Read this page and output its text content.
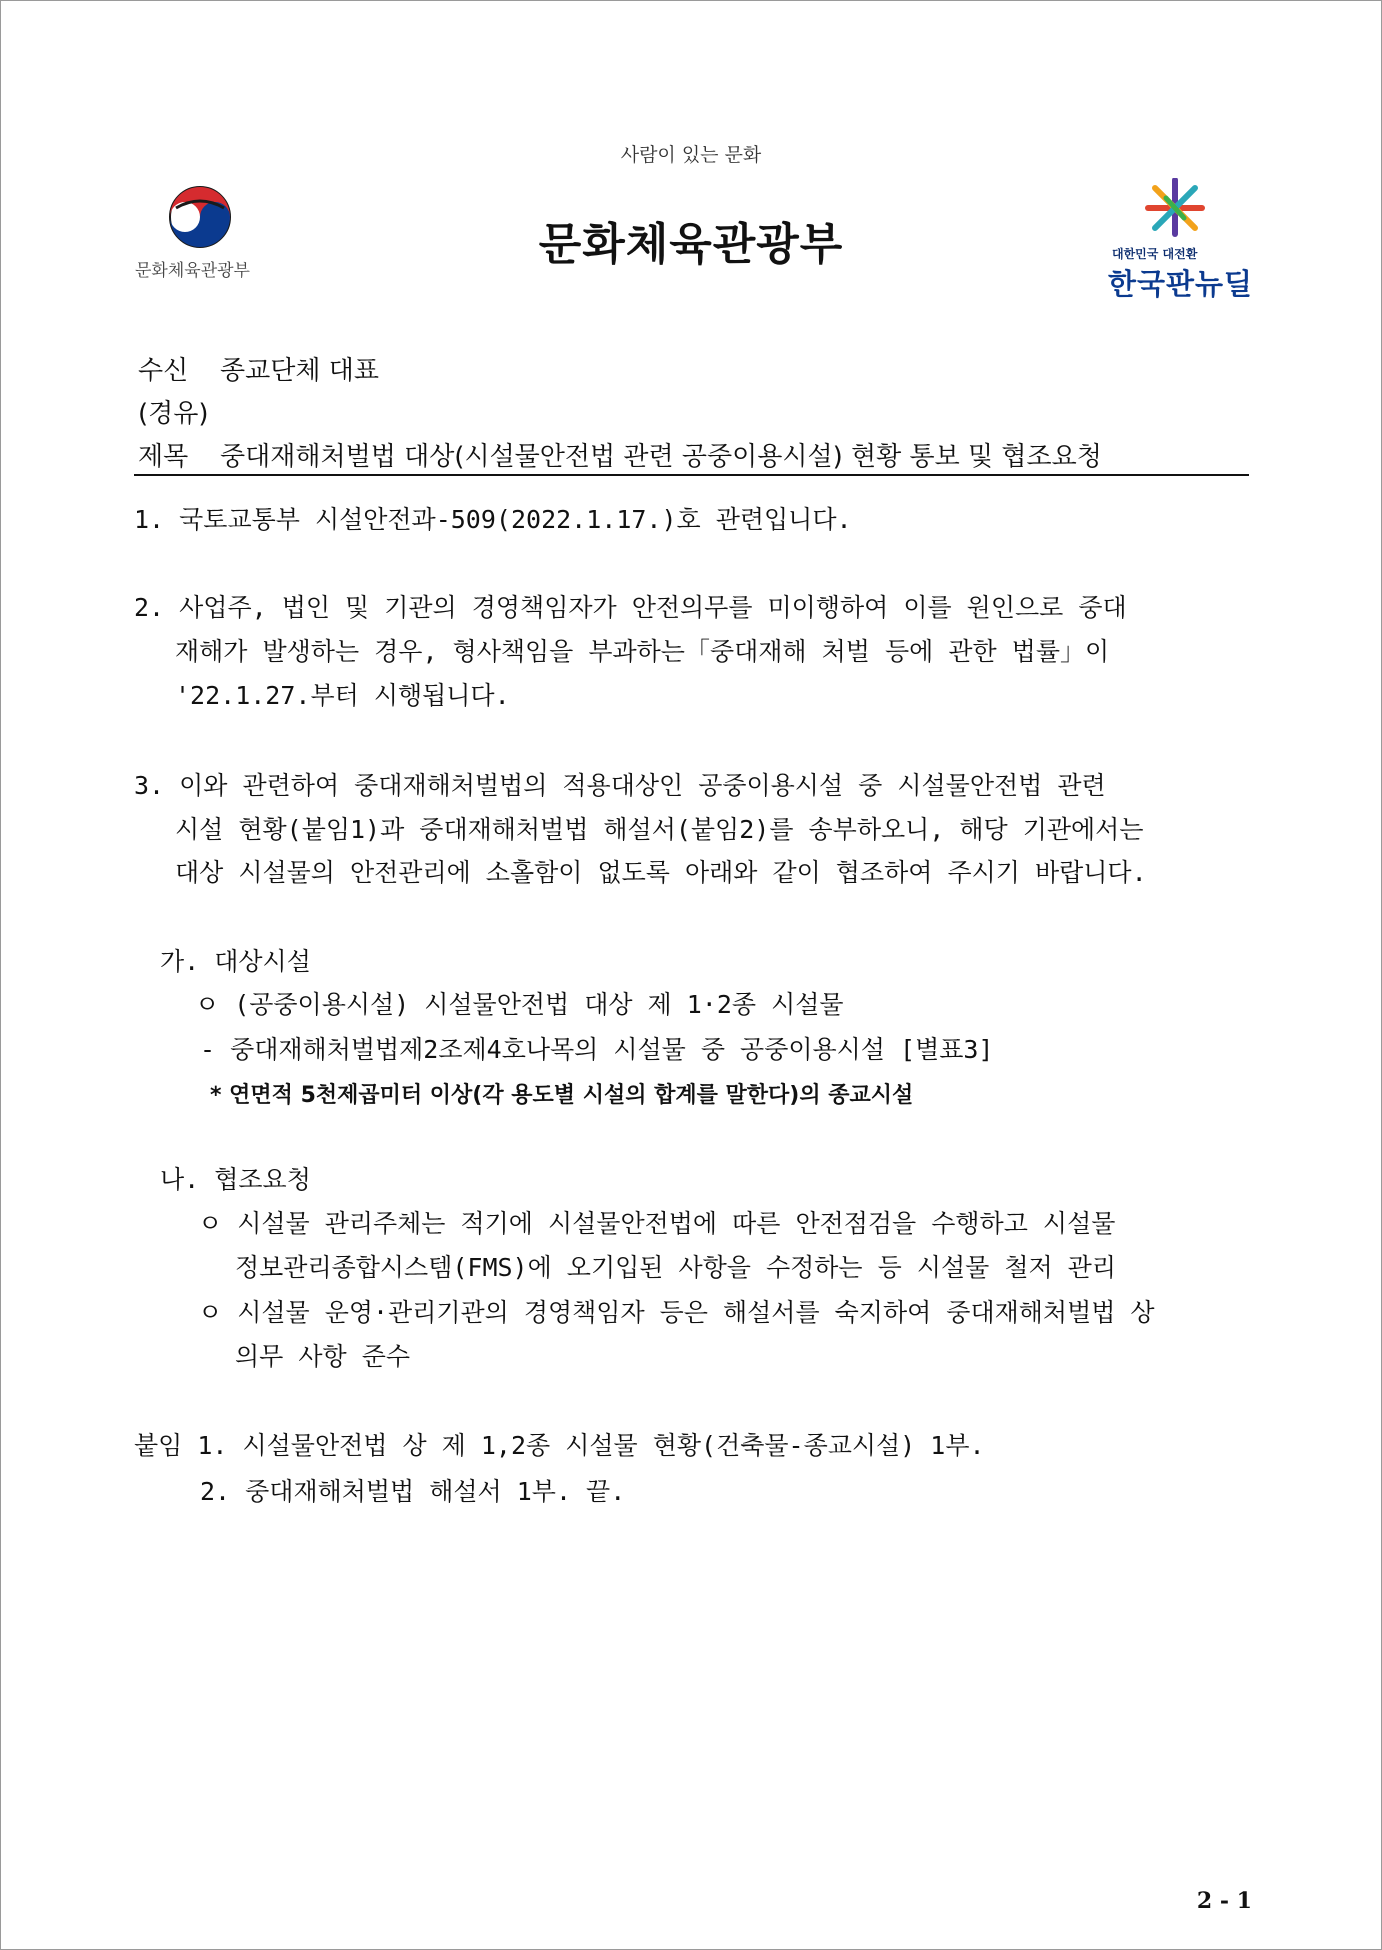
사람이 있는 문화
문화체육관광부
문화체육관광부	대한민국 대전환
한국판뉴딜
수신 종교단체 대표
(경유)
제목 중대재해처벌법 대상(시설물안전법 관련 공중이용시설) 현황 통보 및 협조요청
1. 국토교통부 시설안전과-509(2022.1.17.)호 관련입니다.
2. 사업주, 법인 및 기관의 경영책임자가 안전의무를 미이행하여 이를 원인으로 중대
재해가 발생하는 경우, 형사책임을 부과하는「중대재해 처벌 등에 관한 법률」이
'22.1.27.부터 시행됩니다.
3. 이와 관련하여 중대재해처벌법의 적용대상인 공중이용시설 중 시설물안전법 관련
시설 현황(붙임1)과 중대재해처벌법 해설서(붙임2)를 송부하오니, 해당 기관에서는
대상 시설물의 안전관리에 소홀함이 없도록 아래와 같이 협조하여 주시기 바랍니다.
가. 대상시설
ㅇ (공중이용시설) 시설물안전법 대상 제 1·2종 시설물
- 중대재해처벌법제2조제4호나목의 시설물 중 공중이용시설 [별표3]
* 연면적 5천제곱미터 이상(각 용도별 시설의 합계를 말한다)의 종교시설
나. 협조요청
ㅇ 시설물 관리주체는 적기에 시설물안전법에 따른 안전점검을 수행하고 시설물
정보관리종합시스템(FMS)에 오기입된 사항을 수정하는 등 시설물 철저 관리
ㅇ 시설물 운영·관리기관의 경영책임자 등은 해설서를 숙지하여 중대재해처벌법 상
의무 사항 준수
붙임 1. 시설물안전법 상 제 1,2종 시설물 현황(건축물-종교시설) 1부.
2. 중대재해처벌법 해설서 1부. 끝.
2 - 1
